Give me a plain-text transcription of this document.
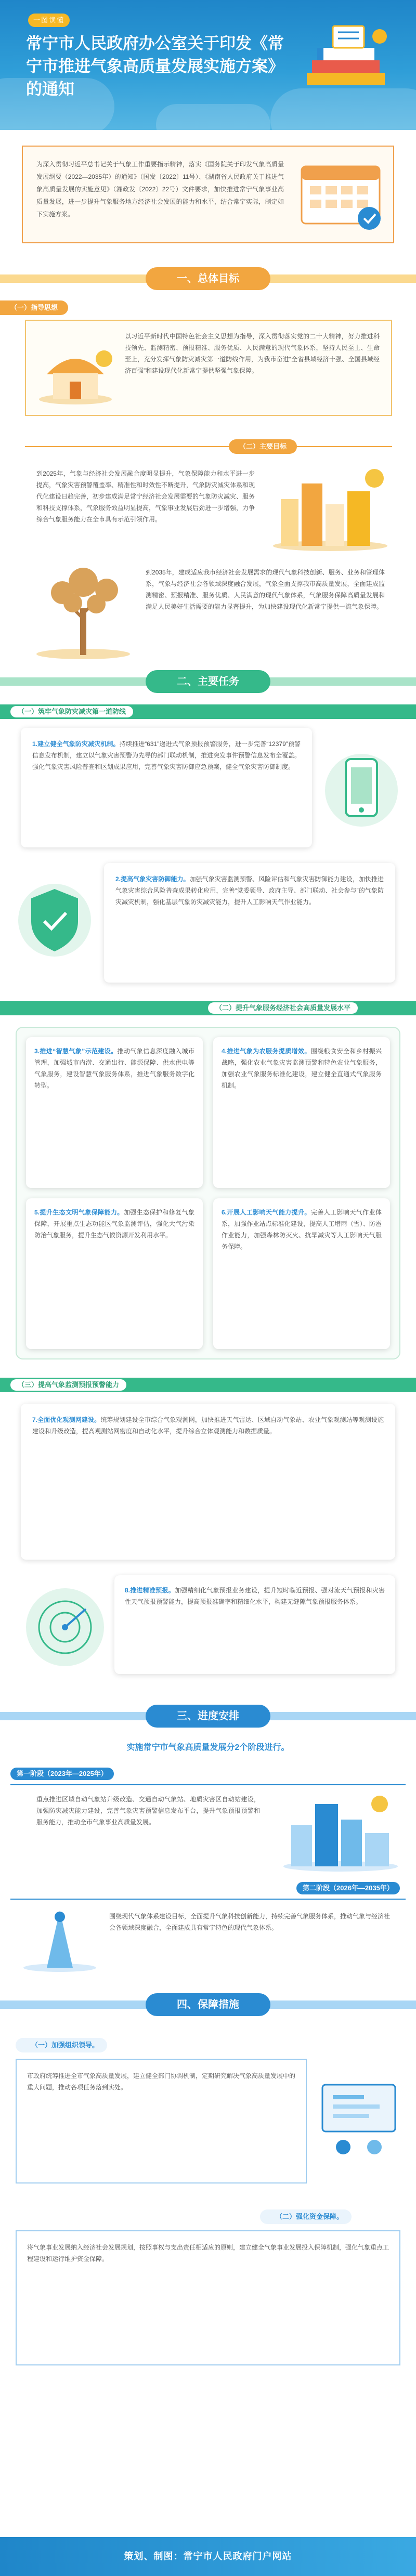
一图读懂
常宁市人民政府办公室关于印发《常宁市推进气象高质量发展实施方案》的通知

为深入贯彻习近平总书记关于气象工作重要指示精神，落实《国务院关于印发气象高质量发展纲要（2022—2035年）的通知》（国发〔2022〕11号）、《湖南省人民政府关于推进气象高质量发展的实施意见》（湘政发〔2022〕22号）文件要求，加快推进常宁气象事业高质量发展，进一步提升气象服务地方经济社会发展的能力和水平，结合常宁实际，制定如下实施方案。

一、总体目标
（一）指导思想
以习近平新时代中国特色社会主义思想为指导，深入贯彻落实党的二十大精神，努力推进科技领先、监测精密、预报精准、服务优质、人民满意的现代气象体系，坚持人民至上、生命至上，充分发挥气象防灾减灾第一道防线作用，为我市奋进“全省县域经济十强、全国县域经济百强”和建设现代化新常宁提供坚强气象保障。
（二）主要目标
到2025年，气象与经济社会发展融合度明显提升，气象保障能力和水平进一步提高，气象灾害预警覆盖率、精准性和时效性不断提升，气象防灾减灾体系和现代化建设日趋完善，初步建成满足常宁经济社会发展需要的气象防灾减灾、服务和科技支撑体系，气象服务效益明显提高，气象事业发展后劲进一步增强，力争综合气象服务能力在全市具有示范引领作用。
到2035年，建成适应我市经济社会发展需求的现代气象科技创新、服务、业务和管理体系，气象与经济社会各领域深度融合发展，气象全面支撑我市高质量发展，全面建成监测精密、预报精准、服务优质、人民满意的现代气象体系，气象服务保障高质量发展和满足人民美好生活需要的能力显著提升，为加快建设现代化新常宁提供一流气象保障。
二、主要任务
（一）筑牢气象防灾减灾第一道防线
1.建立健全气象防灾减灾机制。持续推进“631”递进式气象预报预警服务，进一步完善“12379”预警信息发布机制，建立以气象灾害预警为先导的部门联动机制，推进突发事件预警信息发布全覆盖。强化气象灾害风险普查和区划成果应用，完善气象灾害防御应急预案，健全气象灾害防御制度。
2.提高气象灾害防御能力。加强气象灾害监测预警、风险评估和气象灾害防御能力建设，加快推进气象灾害综合风险普查成果转化应用，完善“党委领导、政府主导、部门联动、社会参与”的气象防灾减灾机制，强化基层气象防灾减灾能力，提升人工影响天气作业能力。
（二）提升气象服务经济社会高质量发展水平
3.推进“智慧气象”示范建设。推动气象信息深度融入城市管理，加强城市内涝、交通出行、能源保障、供水供电等气象服务，建设智慧气象服务体系，推进气象服务数字化转型。
4.推进气象为农服务提质增效。围绕粮食安全和乡村振兴战略，强化农业气象灾害监测预警和特色农业气象服务，加强农业气象服务标准化建设，建立健全直通式气象服务机制。
5.提升生态文明气象保障能力。加强生态保护和修复气象保障，开展重点生态功能区气象监测评估，强化大气污染防治气象服务，提升生态气候资源开发利用水平。
6.开展人工影响天气能力提升。完善人工影响天气作业体系，加强作业站点标准化建设，提高人工增雨（雪）、防雹作业能力，加强森林防灭火、抗旱减灾等人工影响天气服务保障。
（三）提高气象监测预报预警能力
7.全面优化观测网建设。统筹规划建设全市综合气象观测网，加快推进天气雷达、区域自动气象站、农业气象观测站等观测设施建设和升级改造，提高观测站网密度和自动化水平，提升综合立体观测能力和数据质量。
8.推进精准预报。加强精细化气象预报业务建设，提升短时临近预报、强对流天气预报和灾害性天气预报预警能力，提高预报准确率和精细化水平，构建无缝隙气象预报服务体系。
三、进度安排
实施常宁市气象高质量发展分2个阶段进行。
第一阶段（2023年—2025年）
重点推进区域自动气象站升级改造、交通自动气象站、地质灾害区自动站建设，加强防灾减灾能力建设，完善气象灾害预警信息发布平台，提升气象预报预警和服务能力，推动全市气象事业高质量发展。
第二阶段（2026年—2035年）
围绕现代气象体系建设目标，全面提升气象科技创新能力，持续完善气象服务体系，推动气象与经济社会各领域深度融合，全面建成具有常宁特色的现代气象体系。
四、保障措施
（一）加强组织领导。
市政府统筹推进全市气象高质量发展，建立健全部门协调机制，定期研究解决气象高质量发展中的重大问题，推动各项任务落到实处。
（二）强化资金保障。
将气象事业发展纳入经济社会发展规划，按照事权与支出责任相适应的原则，建立健全气象事业发展投入保障机制，强化气象重点工程建设和运行维护资金保障。
策划、制图：常宁市人民政府门户网站
